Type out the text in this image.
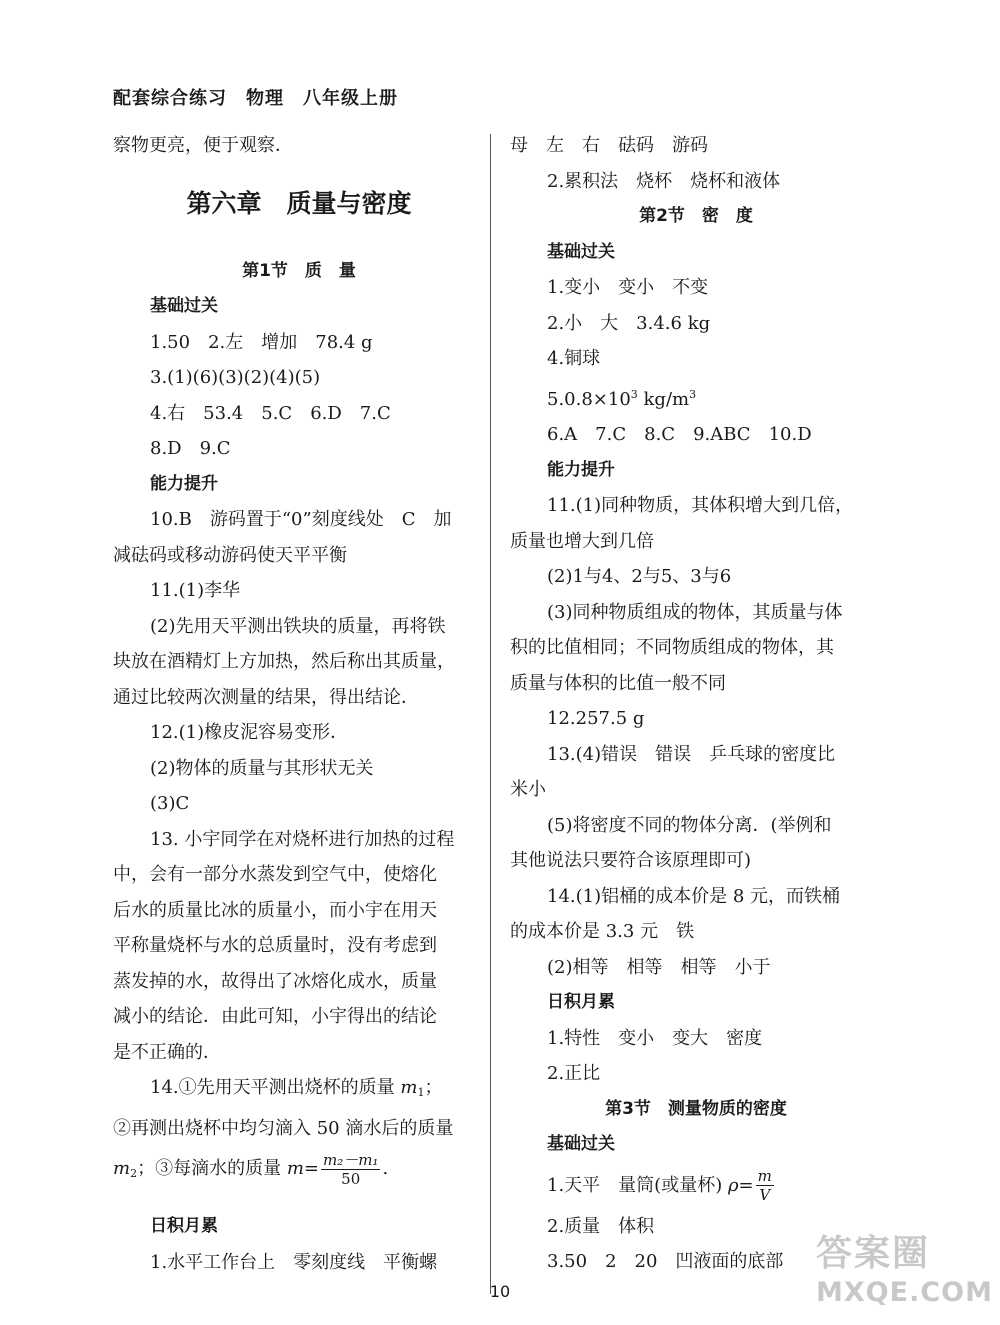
配套综合练习　物理　八年级上册
察物更亮，便于观察．
第六章　质量与密度
第1节　质　量
基础过关
1.50　2.左　增加　78.4 g
3.(1)(6)(3)(2)(4)(5)
4.右　53.4　5.C　6.D　7.C
8.D　9.C
能力提升
10.B　游码置于“0”刻度线处　C　加
减砝码或移动游码使天平平衡
11.(1)李华
(2)先用天平测出铁块的质量，再将铁
块放在酒精灯上方加热，然后称出其质量，
通过比较两次测量的结果，得出结论．
12.(1)橡皮泥容易变形．
(2)物体的质量与其形状无关
(3)C
13. 小宇同学在对烧杯进行加热的过程
中，会有一部分水蒸发到空气中，使熔化
后水的质量比冰的质量小，而小宇在用天
平称量烧杯与水的总质量时，没有考虑到
蒸发掉的水，故得出了冰熔化成水，质量
减小的结论．由此可知，小宇得出的结论
是不正确的．
14.①先用天平测出烧杯的质量 $m_1$；
②再测出烧杯中均匀滴入 50 滴水后的质量
$m_2$；③每滴水的质量 $m= \frac{\text{m₂－m₁}}{50}$ .
日积月累
1.水平工作台上　零刻度线　平衡螺
母　左　右　砝码　游码
2.累积法　烧杯　烧杯和液体
第2节　密　度
基础过关
1.变小　变小　不变
2.小　大　3.4.6 kg
4.铜球
$5.0.8\times 10^3$ $kg/m^3$
6.A　7.C　8.C　9.ABC　10.D
能力提升
11.(1)同种物质，其体积增大到几倍，
质量也增大到几倍
(2)1与4、2与5、3与6
(3)同种物质组成的物体，其质量与体
积的比值相同；不同物质组成的物体，其
质量与体积的比值一般不同
12.257.5 g
13.(4)错误　错误　乒乓球的密度比
米小
(5)将密度不同的物体分离．(举例和
其他说法只要符合该原理即可)
14.(1)铝桶的成本价是 8 元，而铁桶
的成本价是 3.3 元　铁
(2)相等　相等　相等　小于
日积月累
1.特性　变小　变大　密度
2.正比
第3节　测量物质的密度
基础过关
1.天平　量筒(或量杯) $\rho= \frac{m}{V}$
2.质量　体积
3.50　2　20　凹液面的底部
10
答案圈
MXQE.COM
